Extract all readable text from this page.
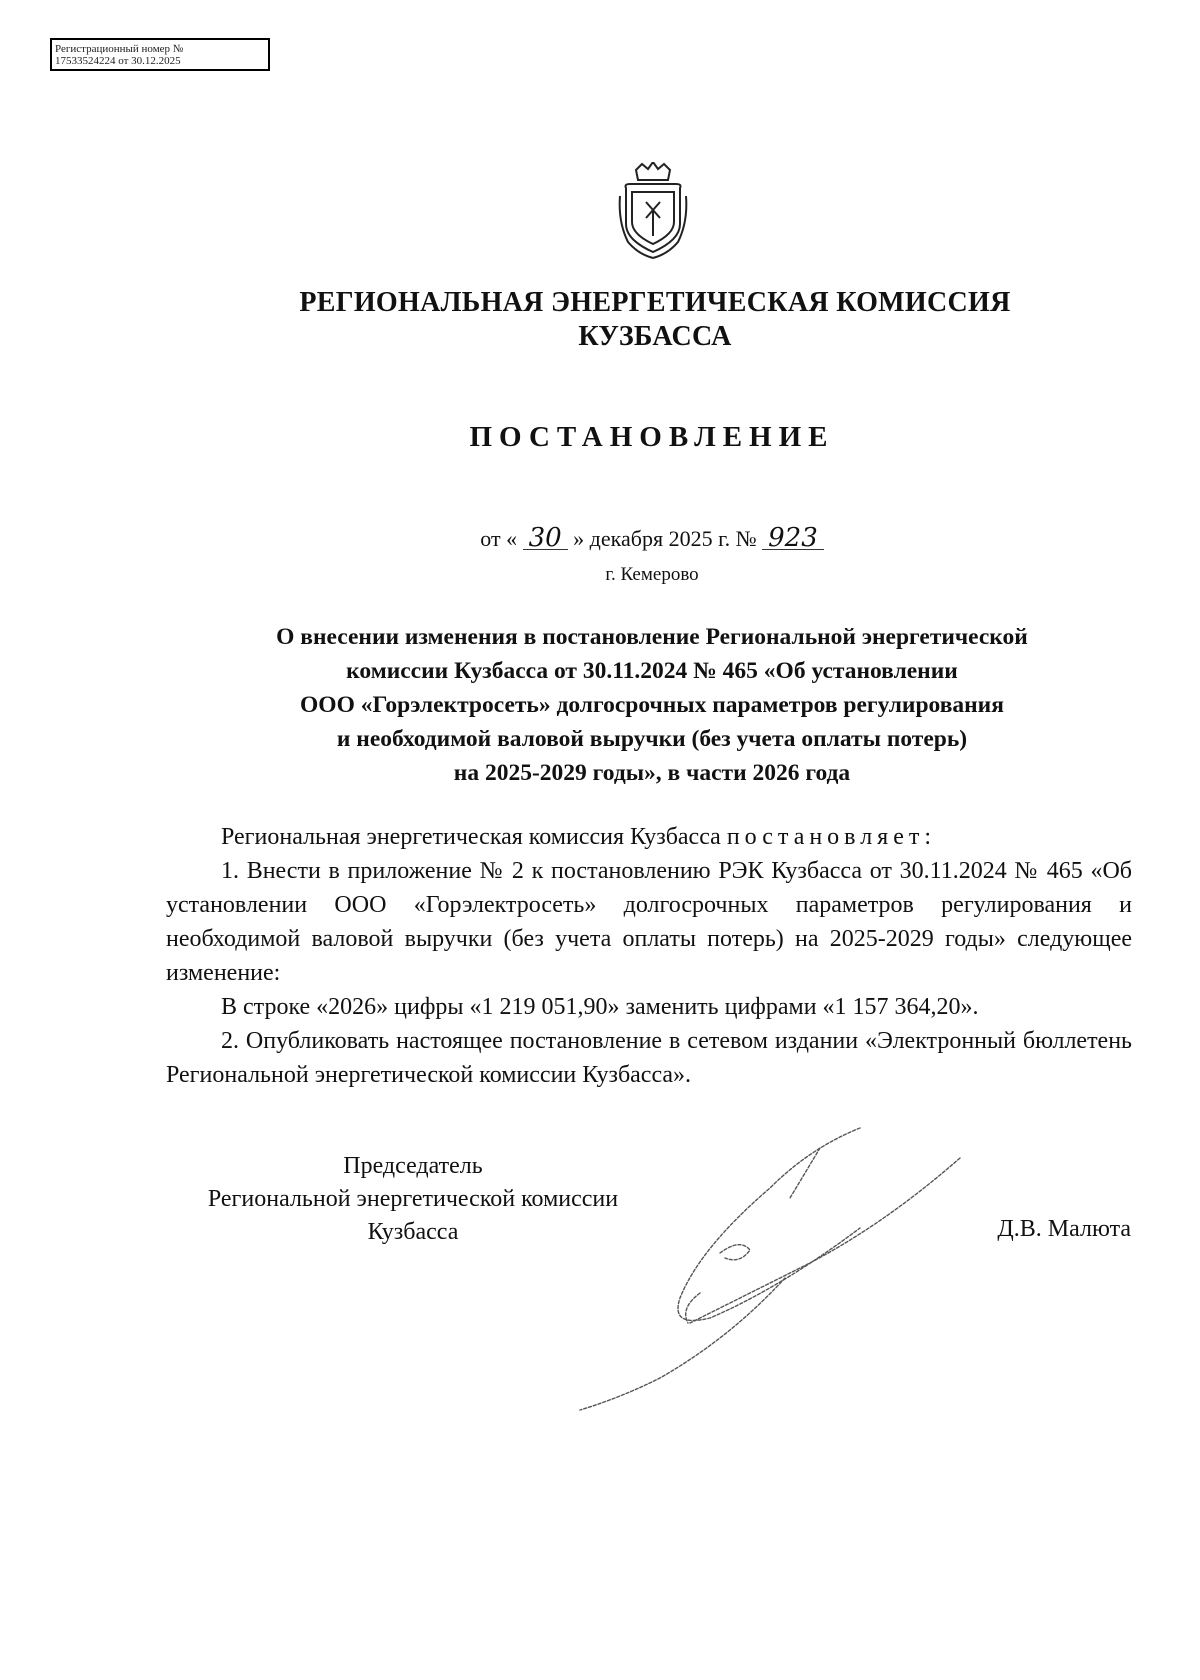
Регистрационный номер №
17533524224 от 30.12.2025
РЕГИОНАЛЬНАЯ ЭНЕРГЕТИЧЕСКАЯ КОМИССИЯ
КУЗБАССА
ПОСТАНОВЛЕНИЕ
от « 30 » декабря 2025 г. № 923
г. Кемерово
О внесении изменения в постановление Региональной энергетической
комиссии Кузбасса от 30.11.2024 № 465 «Об установлении
ООО «Горэлектросеть» долгосрочных параметров регулирования
и необходимой валовой выручки (без учета оплаты потерь)
на 2025-2029 годы», в части 2026 года

Региональная энергетическая комиссия Кузбасса постановляет:

1. Внести в приложение № 2 к постановлению РЭК Кузбасса от 30.11.2024 № 465 «Об установлении ООО «Горэлектросеть» долгосрочных параметров регулирования и необходимой валовой выручки (без учета оплаты потерь) на 2025-2029 годы» следующее изменение:

В строке «2026» цифры «1 219 051,90» заменить цифрами «1 157 364,20».

2. Опубликовать настоящее постановление в сетевом издании «Электронный бюллетень Региональной энергетической комиссии Кузбасса».

Председатель
Региональной энергетической комиссии
Кузбасса	Д.В. Малюта
